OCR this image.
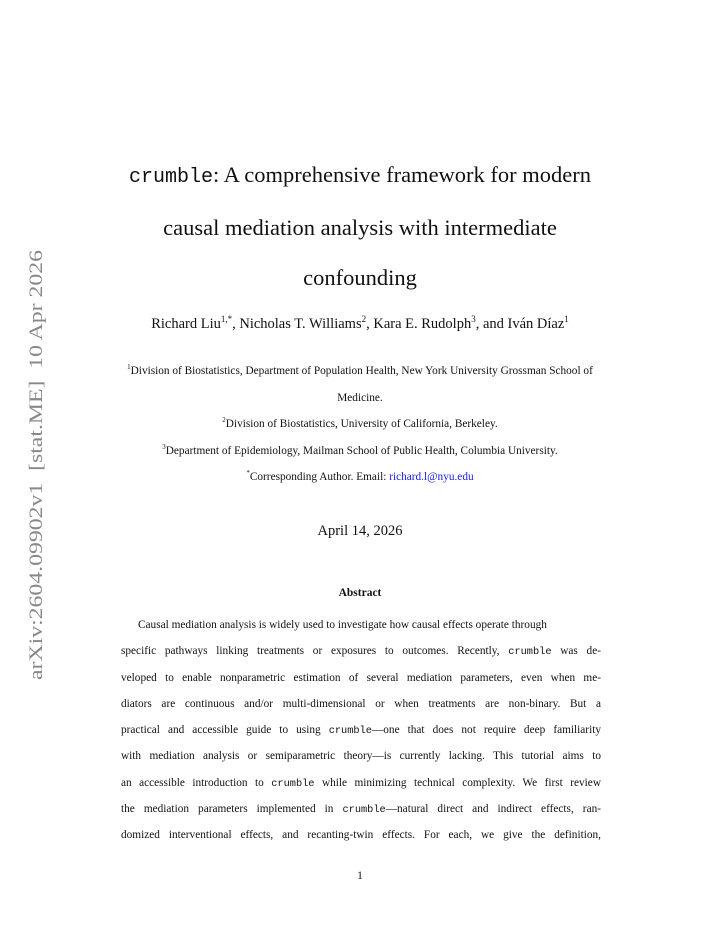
arXiv:2604.09902v1  [stat.ME]  10 Apr 2026
crumble: A comprehensive framework for modern
causal mediation analysis with intermediate
confounding
Richard Liu$^{1,*}$, Nicholas T. Williams$^2$, Kara E. Rudolph$^3$, and Iván Díaz$^1$
$^1$Division of Biostatistics, Department of Population Health, New York University Grossman School of
Medicine.
$^2$Division of Biostatistics, University of California, Berkeley.
$^3$Department of Epidemiology, Mailman School of Public Health, Columbia University.
*Corresponding Author. Email: richard.l@nyu.edu
April 14, 2026
Abstract
Causal mediation analysis is widely used to investigate how causal effects operate through
specific pathways linking treatments or exposures to outcomes. Recently, crumble was de-
veloped to enable nonparametric estimation of several mediation parameters, even when me-
diators are continuous and/or multi-dimensional or when treatments are non-binary. But a
practical and accessible guide to using crumble—one that does not require deep familiarity
with mediation analysis or semiparametric theory—is currently lacking. This tutorial aims to
an accessible introduction to crumble while minimizing technical complexity. We first review
the mediation parameters implemented in crumble—natural direct and indirect effects, ran-
domized interventional effects, and recanting-twin effects. For each, we give the definition,
1
